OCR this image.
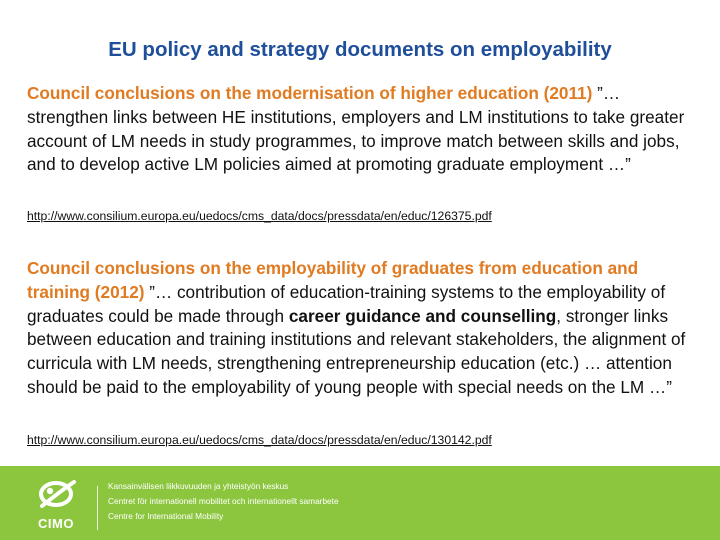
EU policy and strategy documents on employability
Council conclusions on the modernisation of higher education (2011) ”… strengthen links between HE institutions, employers and LM institutions to take greater account of LM needs in study programmes, to improve match between skills and jobs, and to develop active LM policies aimed at promoting graduate employment …”
http://www.consilium.europa.eu/uedocs/cms_data/docs/pressdata/en/educ/126375.pdf
Council conclusions on the employability of graduates from education and training (2012) ”… contribution of education-training systems to the employability of graduates could be made through career guidance and counselling, stronger links between education and training institutions and relevant stakeholders, the alignment of curricula with LM needs, strengthening entrepreneurship education (etc.) … attention should be paid to the employability of young people with special needs on the LM …”
http://www.consilium.europa.eu/uedocs/cms_data/docs/pressdata/en/educ/130142.pdf
CIMO
Kansainvälisen liikkuvuuden ja yhteistyön keskus
Centret för internationell mobilitet och internationellt samarbete
Centre for International Mobility
